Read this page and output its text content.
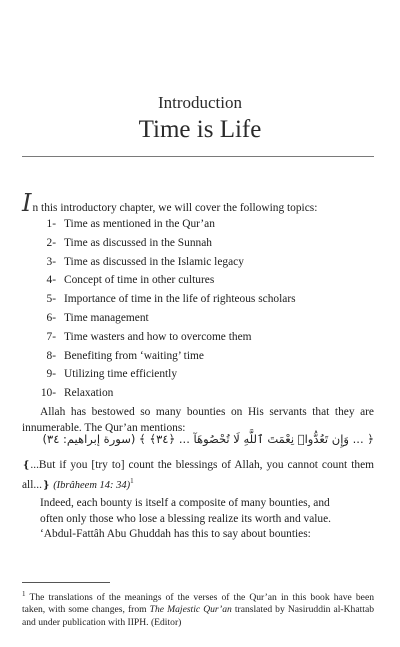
Introduction
Time is Life
In this introductory chapter, we will cover the following topics:
1- Time as mentioned in the Qur’an
2- Time as discussed in the Sunnah
3- Time as discussed in the Islamic legacy
4- Concept of time in other cultures
5- Importance of time in the life of righteous scholars
6- Time management
7- Time wasters and how to overcome them
8- Benefiting from ‘waiting’ time
9- Utilizing time efficiently
10- Relaxation
Allah has bestowed so many bounties on His servants that they are innumerable. The Qur’an mentions:
﴿ ... وَإِن تَعُدُّوا۟ نِعْمَتَ ٱللَّهِ لَا تُحْصُوهَآ ... ﴿٣٤﴾ ﴾ (سورة إبراهيم: ٣٤)
❴...But if you [try to] count the blessings of Allah, you cannot count them all...❵ (Ibrâheem 14: 34)$^1$
Indeed, each bounty is itself a composite of many bounties, and
often only those who lose a blessing realize its worth and value.
‘Abdul-Fattâh Abu Ghuddah has this to say about bounties:
$^1$ The translations of the meanings of the verses of the Qur’an in this book have been taken, with some changes, from The Majestic Qur’an translated by Nasiruddin al-Khattab and under publication with IIPH. (Editor)
